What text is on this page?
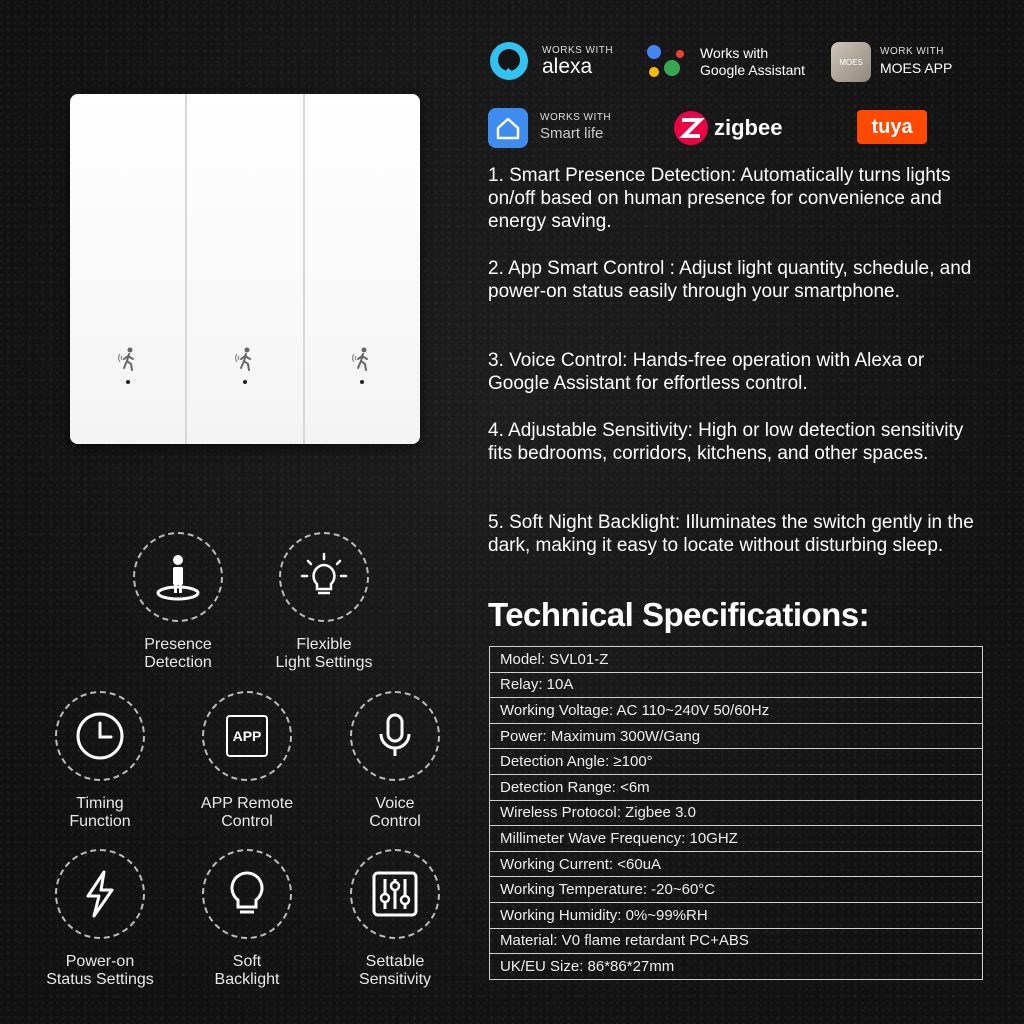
WORKS WITH
alexa
Works with
Google Assistant	MOES
WORK WITH
MOES APP
WORKS WITH
Smart life	zigbee	tuya
Presence
Detection
Flexible
Light Settings
Timing
Function
APP
APP Remote
Control
Voice
Control
Power-on
Status Settings
Soft
Backlight
Settable
Sensitivity
1. Smart Presence Detection: Automatically turns lights on/off based on human presence for convenience and energy saving.
2. App Smart Control : Adjust light quantity, schedule, and power-on status easily through your smartphone.
3. Voice Control: Hands-free operation with Alexa or Google Assistant for effortless control.
4. Adjustable Sensitivity: High or low detection sensitivity fits bedrooms, corridors, kitchens, and other spaces.
5. Soft Night Backlight: Illuminates the switch gently in the dark, making it easy to locate without disturbing sleep.
Technical Specifications:
Model: SVL01-Z
Relay: 10A
Working Voltage: AC 110~240V 50/60Hz
Power: Maximum 300W/Gang
Detection Angle: ≥100°
Detection Range: <6m
Wireless Protocol: Zigbee 3.0
Millimeter Wave Frequency: 10GHZ
Working Current: <60uA
Working Temperature: -20~60°C
Working Humidity: 0%~99%RH
Material: V0 flame retardant PC+ABS
UK/EU Size: 86*86*27mm
